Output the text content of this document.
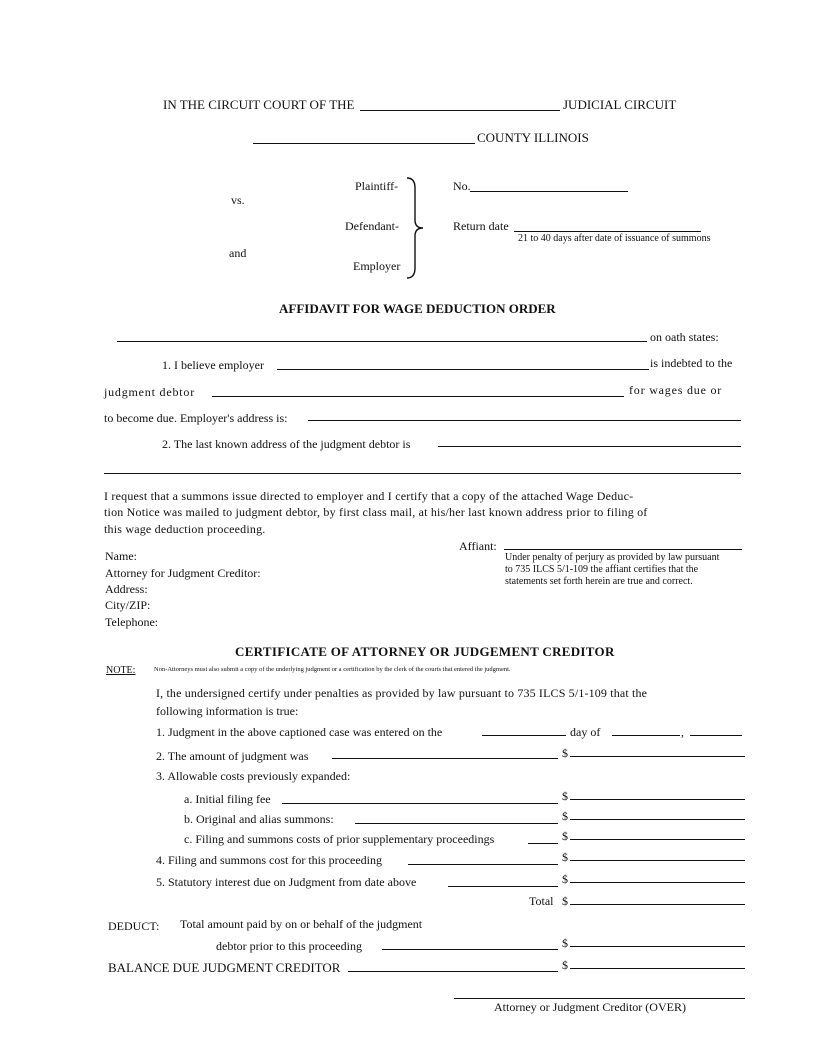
IN THE CIRCUIT COURT OF THE	JUDICIAL CIRCUIT
COUNTY ILLINOIS
Plaintiff-
vs.
Defendant-
and
Employer
No.
Return date
21 to 40 days after date of issuance of summons
AFFIDAVIT FOR WAGE DEDUCTION ORDER
on oath states:
1. I believe employer	is indebted to the
judgment debtor	for wages due or
to become due. Employer's address is:
2. The last known address of the judgment debtor is
I request that a summons issue directed to employer and I certify that a copy of the attached Wage Deduc-
tion Notice was mailed to judgment debtor, by first class mail, at his/her last known address prior to filing of
this wage deduction proceeding.
Affiant:
Under penalty of perjury as provided by law pursuant
to 735 ILCS 5/1-109 the affiant certifies that the
statements set forth herein are true and correct.
Name:
Attorney for Judgment Creditor:
Address:
City/ZIP:
Telephone:
CERTIFICATE OF ATTORNEY OR JUDGEMENT CREDITOR
NOTE:	Non-Attorneys must also submit a copy of the underlying judgment or a certification by the clerk of the courts that entered the judgment.
I, the undersigned certify under penalties as provided by law pursuant to 735 ILCS 5/1-109 that the
following information is true:
1. Judgment in the above captioned case was entered on the	day of	,
2. The amount of judgment was	$
3. Allowable costs previously expanded:
a. Initial filing fee	$
b. Original and alias summons:	$
c. Filing and summons costs of prior supplementary proceedings	$
4. Filing and summons cost for this proceeding	$
5. Statutory interest due on Judgment from date above	$
Total $
DEDUCT: Total amount paid by on or behalf of the judgment
debtor prior to this proceeding	$
BALANCE DUE JUDGMENT CREDITOR	$
Attorney or Judgment Creditor (OVER)
